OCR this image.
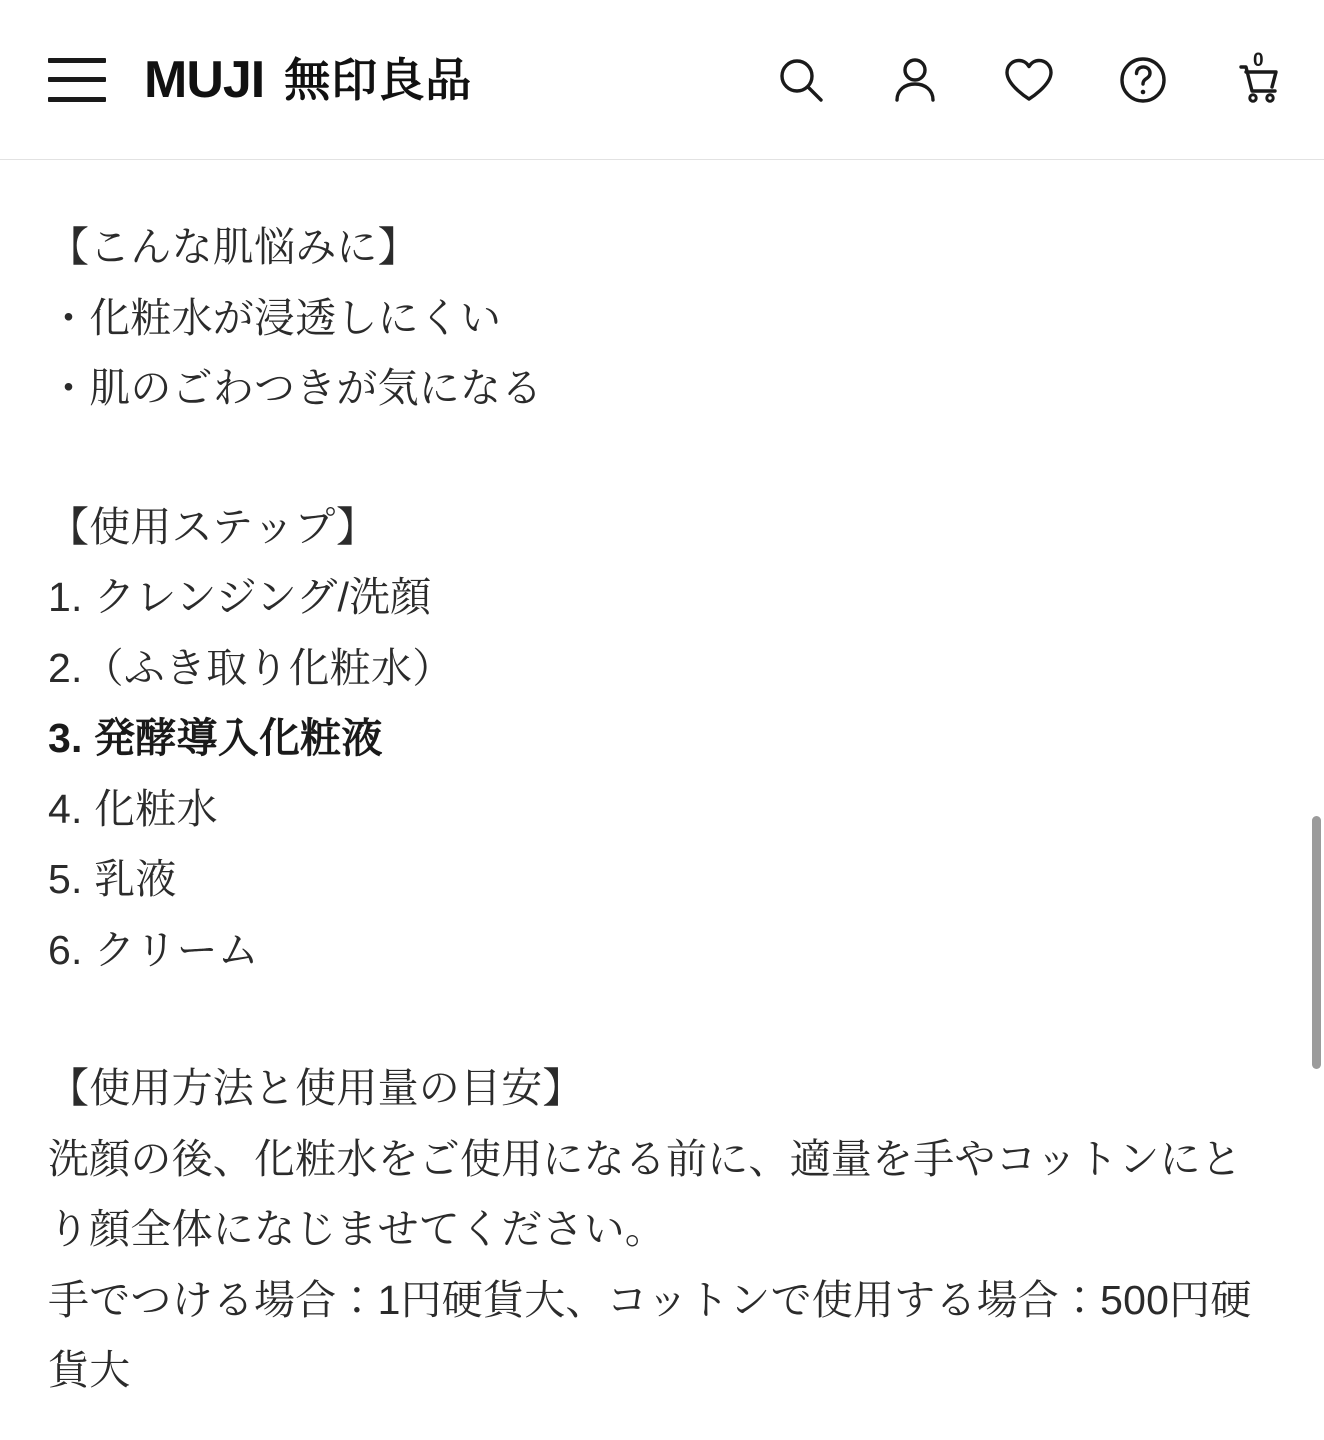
MUJI 無印良品	0

【こんな肌悩みに】

・化粧水が浸透しにくい

・肌のごわつきが気になる

【使用ステップ】

1. クレンジング/洗顔

2.（ふき取り化粧水）

3. 発酵導入化粧液

4. 化粧水

5. 乳液

6. クリーム

【使用方法と使用量の目安】

洗顔の後、化粧水をご使用になる前に、適量を手やコットンにとり顔全体になじませてください。

手でつける場合：1円硬貨大、コットンで使用する場合：500円硬貨大
